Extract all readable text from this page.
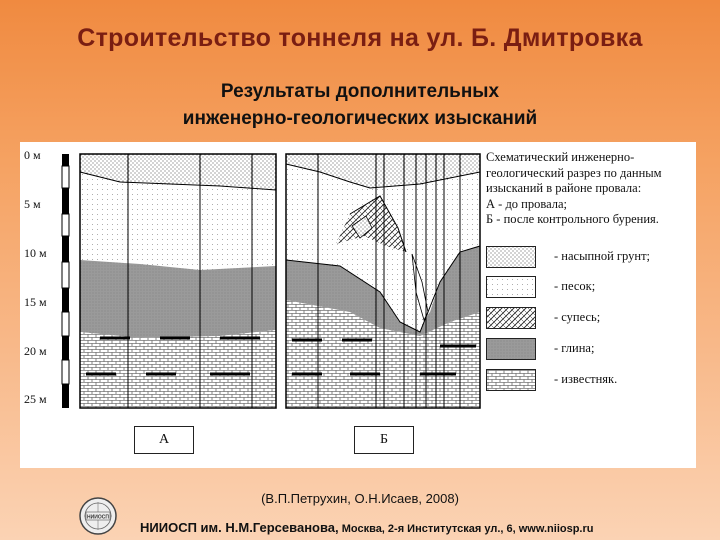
Строительство тоннеля на ул. Б. Дмитровка
Результаты дополнительных
инженерно-геологических изысканий
0 м
5 м
10 м
15 м
20 м
25 м
Схематический инженерно-
геологический разрез по данным
изысканий в районе провала:
А - до провала;
Б - после контрольного бурения.
- насыпной грунт;
- песок;
- супесь;
- глина;
- известняк.
А	Б
(В.П.Петрухин, О.Н.Исаев, 2008)
НИИОСП
НИИОСП им. Н.М.Герсеванова, Москва, 2-я Институтская ул., 6, www.niiosp.ru
